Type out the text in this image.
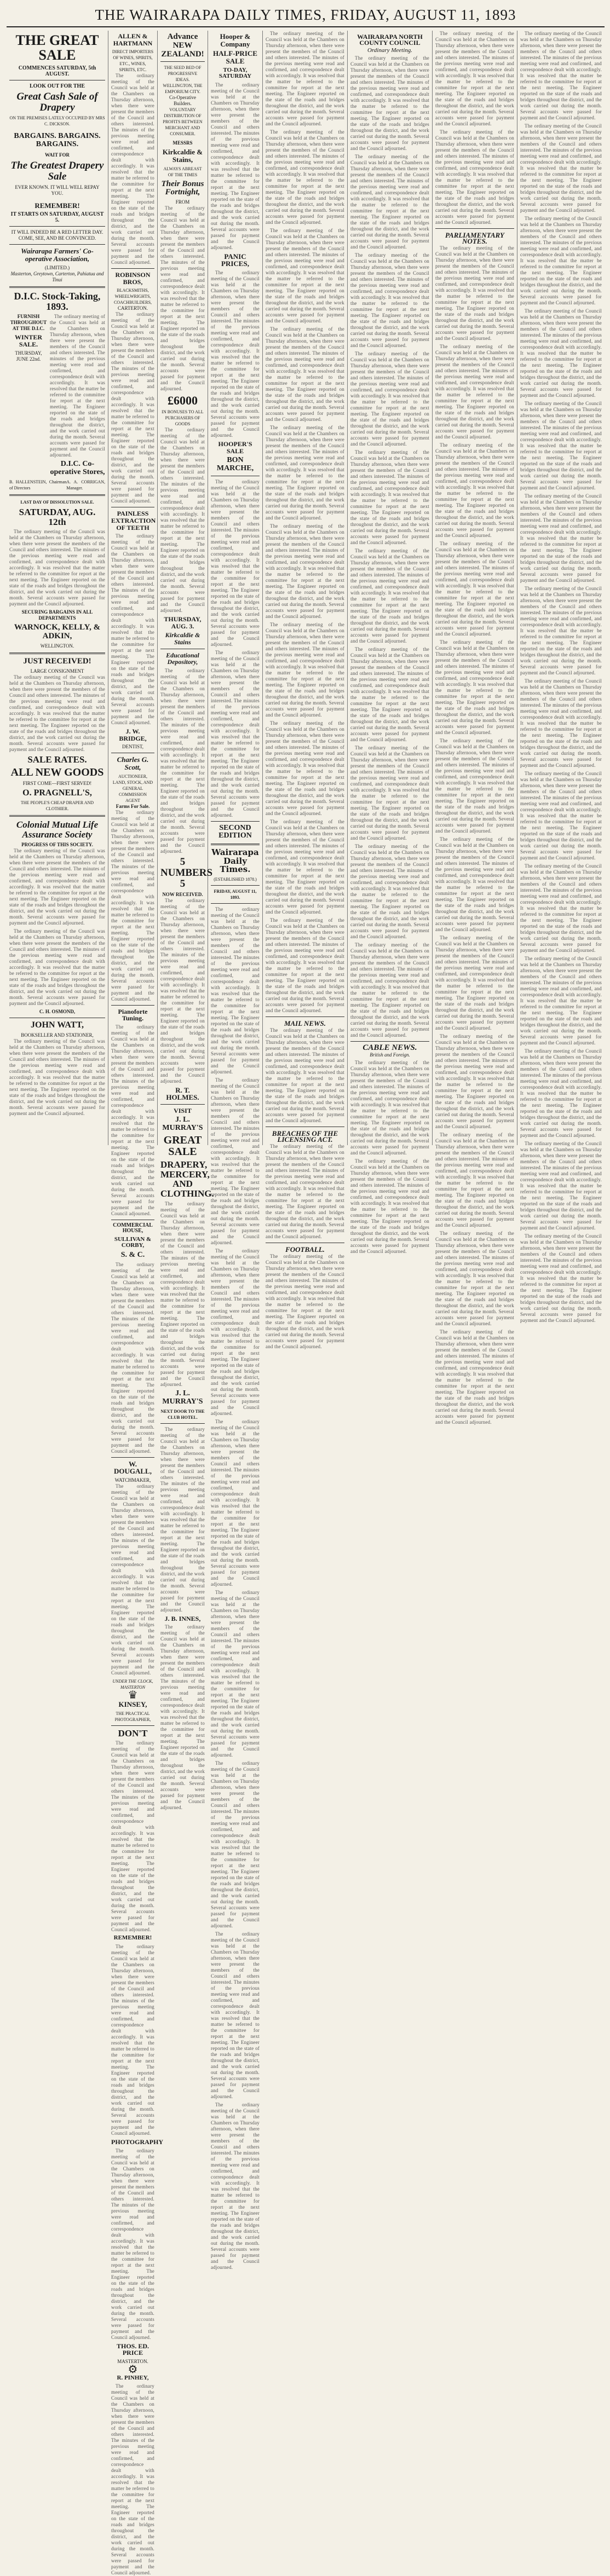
THE WAIRARAPA DAILY TIMES, FRIDAY, AUGUST 11, 1893
THE GREAT SALE
COMMENCES SATURDAY, 5th AUGUST.
LOOK OUT FOR THE
Great Cash Sale of Drapery
ON THE PREMISES LATELY OCCUPIED BY MRS C. DICKSON.
BARGAINS. BARGAINS. BARGAINS.
WAIT FOR
The Greatest Drapery Sale
EVER KNOWN. IT WILL WELL REPAY YOU.
REMEMBER!
IT STARTS ON SATURDAY, AUGUST 5.
IT WILL INDEED BE A RED LETTER DAY. COME, SEE, AND BE CONVINCED.
Wairarapa Farmers' Co-operative Association,
(LIMITED.)
Masterton, Greytown, Carterton, Pahiatua and Tinui
D.I.C. Stock-Taking, 1893.
FURNISH THROUGHOUT AT THE D.I.C.
WINTER SALE.
THURSDAY, JUNE 22nd.

The ordinary meeting of the Council was held at the Chambers on Thursday afternoon, when there were present the members of the Council and others interested. The minutes of the previous meeting were read and confirmed, and correspondence dealt with accordingly. It was resolved that the matter be referred to the committee for report at the next meeting. The Engineer reported on the state of the roads and bridges throughout the district, and the work carried out during the month. Several accounts were passed for payment and the Council adjourned.

D.I.C. Co-operative Stores,
B. HALLENSTEIN, Chairman of Directors
A. A. CORRIGAN, Manager.
LAST DAY OF DISSOLUTION SALE.
SATURDAY, AUG. 12th

The ordinary meeting of the Council was held at the Chambers on Thursday afternoon, when there were present the members of the Council and others interested. The minutes of the previous meeting were read and confirmed, and correspondence dealt with accordingly. It was resolved that the matter be referred to the committee for report at the next meeting. The Engineer reported on the state of the roads and bridges throughout the district, and the work carried out during the month. Several accounts were passed for payment and the Council adjourned.

SECURING BARGAINS IN ALL DEPARTMENTS
WARNOCK, KELLY, & ADKIN,
WELLINGTON.
JUST RECEIVED!
LARGE CONSIGNMENT

The ordinary meeting of the Council was held at the Chambers on Thursday afternoon, when there were present the members of the Council and others interested. The minutes of the previous meeting were read and confirmed, and correspondence dealt with accordingly. It was resolved that the matter be referred to the committee for report at the next meeting. The Engineer reported on the state of the roads and bridges throughout the district, and the work carried out during the month. Several accounts were passed for payment and the Council adjourned.

SALE RATES.
ALL NEW GOODS
FIRST COME—FIRST SERVED!
O. PRAGNELL'S,
THE PEOPLE'S CHEAP DRAPER AND CLOTHIER.
Colonial Mutual Life Assurance Society
PROGRESS OF THIS SOCIETY.

The ordinary meeting of the Council was held at the Chambers on Thursday afternoon, when there were present the members of the Council and others interested. The minutes of the previous meeting were read and confirmed, and correspondence dealt with accordingly. It was resolved that the matter be referred to the committee for report at the next meeting. The Engineer reported on the state of the roads and bridges throughout the district, and the work carried out during the month. Several accounts were passed for payment and the Council adjourned.

The ordinary meeting of the Council was held at the Chambers on Thursday afternoon, when there were present the members of the Council and others interested. The minutes of the previous meeting were read and confirmed, and correspondence dealt with accordingly. It was resolved that the matter be referred to the committee for report at the next meeting. The Engineer reported on the state of the roads and bridges throughout the district, and the work carried out during the month. Several accounts were passed for payment and the Council adjourned.

C. H. OSMOND,
JOHN WATT,
BOOKSELLER AND STATIONER,

The ordinary meeting of the Council was held at the Chambers on Thursday afternoon, when there were present the members of the Council and others interested. The minutes of the previous meeting were read and confirmed, and correspondence dealt with accordingly. It was resolved that the matter be referred to the committee for report at the next meeting. The Engineer reported on the state of the roads and bridges throughout the district, and the work carried out during the month. Several accounts were passed for payment and the Council adjourned.

ALLEN & HARTMANN
DIRECT IMPORTERS OF WINES, SPIRITS, ETC., WINES, SPIRITS, ETC.

The ordinary meeting of the Council was held at the Chambers on Thursday afternoon, when there were present the members of the Council and others interested. The minutes of the previous meeting were read and confirmed, and correspondence dealt with accordingly. It was resolved that the matter be referred to the committee for report at the next meeting. The Engineer reported on the state of the roads and bridges throughout the district, and the work carried out during the month. Several accounts were passed for payment and the Council adjourned.

ROBINSON BROS,
BLACKSMITHS, WHEELWRIGHTS, COACHBUILDERS,
CARTERTON.

The ordinary meeting of the Council was held at the Chambers on Thursday afternoon, when there were present the members of the Council and others interested. The minutes of the previous meeting were read and confirmed, and correspondence dealt with accordingly. It was resolved that the matter be referred to the committee for report at the next meeting. The Engineer reported on the state of the roads and bridges throughout the district, and the work carried out during the month. Several accounts were passed for payment and the Council adjourned.

PAINLESS EXTRACTION OF TEETH

The ordinary meeting of the Council was held at the Chambers on Thursday afternoon, when there were present the members of the Council and others interested. The minutes of the previous meeting were read and confirmed, and correspondence dealt with accordingly. It was resolved that the matter be referred to the committee for report at the next meeting. The Engineer reported on the state of the roads and bridges throughout the district, and the work carried out during the month. Several accounts were passed for payment and the Council adjourned.

J. W. BRIDGE,
DENTIST,
Charles G. Scott,
AUCTIONEER, LAND, STOCK, AND GENERAL COMMISSION AGENT
Farms For Sale.

The ordinary meeting of the Council was held at the Chambers on Thursday afternoon, when there were present the members of the Council and others interested. The minutes of the previous meeting were read and confirmed, and correspondence dealt with accordingly. It was resolved that the matter be referred to the committee for report at the next meeting. The Engineer reported on the state of the roads and bridges throughout the district, and the work carried out during the month. Several accounts were passed for payment and the Council adjourned.

Pianoforte Tuning.

The ordinary meeting of the Council was held at the Chambers on Thursday afternoon, when there were present the members of the Council and others interested. The minutes of the previous meeting were read and confirmed, and correspondence dealt with accordingly. It was resolved that the matter be referred to the committee for report at the next meeting. The Engineer reported on the state of the roads and bridges throughout the district, and the work carried out during the month. Several accounts were passed for payment and the Council adjourned.

COMMERCIAL HOUSE,
SULLIVAN & CORBY,
S. & C.

The ordinary meeting of the Council was held at the Chambers on Thursday afternoon, when there were present the members of the Council and others interested. The minutes of the previous meeting were read and confirmed, and correspondence dealt with accordingly. It was resolved that the matter be referred to the committee for report at the next meeting. The Engineer reported on the state of the roads and bridges throughout the district, and the work carried out during the month. Several accounts were passed for payment and the Council adjourned.

W. DOUGALL,
WATCHMAKER,

The ordinary meeting of the Council was held at the Chambers on Thursday afternoon, when there were present the members of the Council and others interested. The minutes of the previous meeting were read and confirmed, and correspondence dealt with accordingly. It was resolved that the matter be referred to the committee for report at the next meeting. The Engineer reported on the state of the roads and bridges throughout the district, and the work carried out during the month. Several accounts were passed for payment and the Council adjourned.

UNDER THE CLOCK, MASTERTON
♛
KINSEY,
THE PRACTICAL PHOTOGRAPHER,
DON'T

The ordinary meeting of the Council was held at the Chambers on Thursday afternoon, when there were present the members of the Council and others interested. The minutes of the previous meeting were read and confirmed, and correspondence dealt with accordingly. It was resolved that the matter be referred to the committee for report at the next meeting. The Engineer reported on the state of the roads and bridges throughout the district, and the work carried out during the month. Several accounts were passed for payment and the Council adjourned.

REMEMBER!

The ordinary meeting of the Council was held at the Chambers on Thursday afternoon, when there were present the members of the Council and others interested. The minutes of the previous meeting were read and confirmed, and correspondence dealt with accordingly. It was resolved that the matter be referred to the committee for report at the next meeting. The Engineer reported on the state of the roads and bridges throughout the district, and the work carried out during the month. Several accounts were passed for payment and the Council adjourned.

PHOTOGRAPHY

The ordinary meeting of the Council was held at the Chambers on Thursday afternoon, when there were present the members of the Council and others interested. The minutes of the previous meeting were read and confirmed, and correspondence dealt with accordingly. It was resolved that the matter be referred to the committee for report at the next meeting. The Engineer reported on the state of the roads and bridges throughout the district, and the work carried out during the month. Several accounts were passed for payment and the Council adjourned.

THOS. ED. PRICE
MASTERTON.
⚙
R. PINHEY,

The ordinary meeting of the Council was held at the Chambers on Thursday afternoon, when there were present the members of the Council and others interested. The minutes of the previous meeting were read and confirmed, and correspondence dealt with accordingly. It was resolved that the matter be referred to the committee for report at the next meeting. The Engineer reported on the state of the roads and bridges throughout the district, and the work carried out during the month. Several accounts were passed for payment and the Council adjourned.

Advance NEW ZEALAND!
THE SEED BED OF PROGRESSIVE IDEAS.
WELLINGTON, THE EMPORIUM CITY.
Co-Operative Builders.
VOLUNTARY DISTRIBUTION OF PROFITS BETWEEN
MERCHANT AND CONSUMER.
MESSRS
Kirkcaldie & Stains,
ALWAYS ABREAST OF THE TIMES
Their Bonus Fortnight,
FROM

The ordinary meeting of the Council was held at the Chambers on Thursday afternoon, when there were present the members of the Council and others interested. The minutes of the previous meeting were read and confirmed, and correspondence dealt with accordingly. It was resolved that the matter be referred to the committee for report at the next meeting. The Engineer reported on the state of the roads and bridges throughout the district, and the work carried out during the month. Several accounts were passed for payment and the Council adjourned.

£6000
IN BONUSES TO ALL PURCHASERS OF GOODS

The ordinary meeting of the Council was held at the Chambers on Thursday afternoon, when there were present the members of the Council and others interested. The minutes of the previous meeting were read and confirmed, and correspondence dealt with accordingly. It was resolved that the matter be referred to the committee for report at the next meeting. The Engineer reported on the state of the roads and bridges throughout the district, and the work carried out during the month. Several accounts were passed for payment and the Council adjourned.

THURSDAY, AUG. 3.
Kirkcaldie & Stains
Educational Depository,

The ordinary meeting of the Council was held at the Chambers on Thursday afternoon, when there were present the members of the Council and others interested. The minutes of the previous meeting were read and confirmed, and correspondence dealt with accordingly. It was resolved that the matter be referred to the committee for report at the next meeting. The Engineer reported on the state of the roads and bridges throughout the district, and the work carried out during the month. Several accounts were passed for payment and the Council adjourned.

5 NUMBERS 5
NOW RECEIVED.

The ordinary meeting of the Council was held at the Chambers on Thursday afternoon, when there were present the members of the Council and others interested. The minutes of the previous meeting were read and confirmed, and correspondence dealt with accordingly. It was resolved that the matter be referred to the committee for report at the next meeting. The Engineer reported on the state of the roads and bridges throughout the district, and the work carried out during the month. Several accounts were passed for payment and the Council adjourned.

R. T. HOLMES.
VISIT
J. L. MURRAY'S
GREAT SALE
DRAPERY, MERCERY, AND CLOTHING.

The ordinary meeting of the Council was held at the Chambers on Thursday afternoon, when there were present the members of the Council and others interested. The minutes of the previous meeting were read and confirmed, and correspondence dealt with accordingly. It was resolved that the matter be referred to the committee for report at the next meeting. The Engineer reported on the state of the roads and bridges throughout the district, and the work carried out during the month. Several accounts were passed for payment and the Council adjourned.

J. L. MURRAY'S
NEXT DOOR TO THE CLUB HOTEL.

The ordinary meeting of the Council was held at the Chambers on Thursday afternoon, when there were present the members of the Council and others interested. The minutes of the previous meeting were read and confirmed, and correspondence dealt with accordingly. It was resolved that the matter be referred to the committee for report at the next meeting. The Engineer reported on the state of the roads and bridges throughout the district, and the work carried out during the month. Several accounts were passed for payment and the Council adjourned.

J. B. INNES,

The ordinary meeting of the Council was held at the Chambers on Thursday afternoon, when there were present the members of the Council and others interested. The minutes of the previous meeting were read and confirmed, and correspondence dealt with accordingly. It was resolved that the matter be referred to the committee for report at the next meeting. The Engineer reported on the state of the roads and bridges throughout the district, and the work carried out during the month. Several accounts were passed for payment and the Council adjourned.

Hooper & Company
HALF-PRICE SALE
TO-DAY, SATURDAY

The ordinary meeting of the Council was held at the Chambers on Thursday afternoon, when there were present the members of the Council and others interested. The minutes of the previous meeting were read and confirmed, and correspondence dealt with accordingly. It was resolved that the matter be referred to the committee for report at the next meeting. The Engineer reported on the state of the roads and bridges throughout the district, and the work carried out during the month. Several accounts were passed for payment and the Council adjourned.

PANIC PRICES,

The ordinary meeting of the Council was held at the Chambers on Thursday afternoon, when there were present the members of the Council and others interested. The minutes of the previous meeting were read and confirmed, and correspondence dealt with accordingly. It was resolved that the matter be referred to the committee for report at the next meeting. The Engineer reported on the state of the roads and bridges throughout the district, and the work carried out during the month. Several accounts were passed for payment and the Council adjourned.

HOOPER'S SALE
BON MARCHE,

The ordinary meeting of the Council was held at the Chambers on Thursday afternoon, when there were present the members of the Council and others interested. The minutes of the previous meeting were read and confirmed, and correspondence dealt with accordingly. It was resolved that the matter be referred to the committee for report at the next meeting. The Engineer reported on the state of the roads and bridges throughout the district, and the work carried out during the month. Several accounts were passed for payment and the Council adjourned.

The ordinary meeting of the Council was held at the Chambers on Thursday afternoon, when there were present the members of the Council and others interested. The minutes of the previous meeting were read and confirmed, and correspondence dealt with accordingly. It was resolved that the matter be referred to the committee for report at the next meeting. The Engineer reported on the state of the roads and bridges throughout the district, and the work carried out during the month. Several accounts were passed for payment and the Council adjourned.

SECOND EDITION
Wairarapa Daily Times.
(ESTABLISHED 1878.)
FRIDAY, AUGUST 11, 1893.

The ordinary meeting of the Council was held at the Chambers on Thursday afternoon, when there were present the members of the Council and others interested. The minutes of the previous meeting were read and confirmed, and correspondence dealt with accordingly. It was resolved that the matter be referred to the committee for report at the next meeting. The Engineer reported on the state of the roads and bridges throughout the district, and the work carried out during the month. Several accounts were passed for payment and the Council adjourned.

The ordinary meeting of the Council was held at the Chambers on Thursday afternoon, when there were present the members of the Council and others interested. The minutes of the previous meeting were read and confirmed, and correspondence dealt with accordingly. It was resolved that the matter be referred to the committee for report at the next meeting. The Engineer reported on the state of the roads and bridges throughout the district, and the work carried out during the month. Several accounts were passed for payment and the Council adjourned.

The ordinary meeting of the Council was held at the Chambers on Thursday afternoon, when there were present the members of the Council and others interested. The minutes of the previous meeting were read and confirmed, and correspondence dealt with accordingly. It was resolved that the matter be referred to the committee for report at the next meeting. The Engineer reported on the state of the roads and bridges throughout the district, and the work carried out during the month. Several accounts were passed for payment and the Council adjourned.

The ordinary meeting of the Council was held at the Chambers on Thursday afternoon, when there were present the members of the Council and others interested. The minutes of the previous meeting were read and confirmed, and correspondence dealt with accordingly. It was resolved that the matter be referred to the committee for report at the next meeting. The Engineer reported on the state of the roads and bridges throughout the district, and the work carried out during the month. Several accounts were passed for payment and the Council adjourned.

The ordinary meeting of the Council was held at the Chambers on Thursday afternoon, when there were present the members of the Council and others interested. The minutes of the previous meeting were read and confirmed, and correspondence dealt with accordingly. It was resolved that the matter be referred to the committee for report at the next meeting. The Engineer reported on the state of the roads and bridges throughout the district, and the work carried out during the month. Several accounts were passed for payment and the Council adjourned.

The ordinary meeting of the Council was held at the Chambers on Thursday afternoon, when there were present the members of the Council and others interested. The minutes of the previous meeting were read and confirmed, and correspondence dealt with accordingly. It was resolved that the matter be referred to the committee for report at the next meeting. The Engineer reported on the state of the roads and bridges throughout the district, and the work carried out during the month. Several accounts were passed for payment and the Council adjourned.

The ordinary meeting of the Council was held at the Chambers on Thursday afternoon, when there were present the members of the Council and others interested. The minutes of the previous meeting were read and confirmed, and correspondence dealt with accordingly. It was resolved that the matter be referred to the committee for report at the next meeting. The Engineer reported on the state of the roads and bridges throughout the district, and the work carried out during the month. Several accounts were passed for payment and the Council adjourned.

The ordinary meeting of the Council was held at the Chambers on Thursday afternoon, when there were present the members of the Council and others interested. The minutes of the previous meeting were read and confirmed, and correspondence dealt with accordingly. It was resolved that the matter be referred to the committee for report at the next meeting. The Engineer reported on the state of the roads and bridges throughout the district, and the work carried out during the month. Several accounts were passed for payment and the Council adjourned.

The ordinary meeting of the Council was held at the Chambers on Thursday afternoon, when there were present the members of the Council and others interested. The minutes of the previous meeting were read and confirmed, and correspondence dealt with accordingly. It was resolved that the matter be referred to the committee for report at the next meeting. The Engineer reported on the state of the roads and bridges throughout the district, and the work carried out during the month. Several accounts were passed for payment and the Council adjourned.

The ordinary meeting of the Council was held at the Chambers on Thursday afternoon, when there were present the members of the Council and others interested. The minutes of the previous meeting were read and confirmed, and correspondence dealt with accordingly. It was resolved that the matter be referred to the committee for report at the next meeting. The Engineer reported on the state of the roads and bridges throughout the district, and the work carried out during the month. Several accounts were passed for payment and the Council adjourned.

The ordinary meeting of the Council was held at the Chambers on Thursday afternoon, when there were present the members of the Council and others interested. The minutes of the previous meeting were read and confirmed, and correspondence dealt with accordingly. It was resolved that the matter be referred to the committee for report at the next meeting. The Engineer reported on the state of the roads and bridges throughout the district, and the work carried out during the month. Several accounts were passed for payment and the Council adjourned.

The ordinary meeting of the Council was held at the Chambers on Thursday afternoon, when there were present the members of the Council and others interested. The minutes of the previous meeting were read and confirmed, and correspondence dealt with accordingly. It was resolved that the matter be referred to the committee for report at the next meeting. The Engineer reported on the state of the roads and bridges throughout the district, and the work carried out during the month. Several accounts were passed for payment and the Council adjourned.

The ordinary meeting of the Council was held at the Chambers on Thursday afternoon, when there were present the members of the Council and others interested. The minutes of the previous meeting were read and confirmed, and correspondence dealt with accordingly. It was resolved that the matter be referred to the committee for report at the next meeting. The Engineer reported on the state of the roads and bridges throughout the district, and the work carried out during the month. Several accounts were passed for payment and the Council adjourned.

The ordinary meeting of the Council was held at the Chambers on Thursday afternoon, when there were present the members of the Council and others interested. The minutes of the previous meeting were read and confirmed, and correspondence dealt with accordingly. It was resolved that the matter be referred to the committee for report at the next meeting. The Engineer reported on the state of the roads and bridges throughout the district, and the work carried out during the month. Several accounts were passed for payment and the Council adjourned.

The ordinary meeting of the Council was held at the Chambers on Thursday afternoon, when there were present the members of the Council and others interested. The minutes of the previous meeting were read and confirmed, and correspondence dealt with accordingly. It was resolved that the matter be referred to the committee for report at the next meeting. The Engineer reported on the state of the roads and bridges throughout the district, and the work carried out during the month. Several accounts were passed for payment and the Council adjourned.

The ordinary meeting of the Council was held at the Chambers on Thursday afternoon, when there were present the members of the Council and others interested. The minutes of the previous meeting were read and confirmed, and correspondence dealt with accordingly. It was resolved that the matter be referred to the committee for report at the next meeting. The Engineer reported on the state of the roads and bridges throughout the district, and the work carried out during the month. Several accounts were passed for payment and the Council adjourned.

The ordinary meeting of the Council was held at the Chambers on Thursday afternoon, when there were present the members of the Council and others interested. The minutes of the previous meeting were read and confirmed, and correspondence dealt with accordingly. It was resolved that the matter be referred to the committee for report at the next meeting. The Engineer reported on the state of the roads and bridges throughout the district, and the work carried out during the month. Several accounts were passed for payment and the Council adjourned.

The ordinary meeting of the Council was held at the Chambers on Thursday afternoon, when there were present the members of the Council and others interested. The minutes of the previous meeting were read and confirmed, and correspondence dealt with accordingly. It was resolved that the matter be referred to the committee for report at the next meeting. The Engineer reported on the state of the roads and bridges throughout the district, and the work carried out during the month. Several accounts were passed for payment and the Council adjourned.

MAIL NEWS.

The ordinary meeting of the Council was held at the Chambers on Thursday afternoon, when there were present the members of the Council and others interested. The minutes of the previous meeting were read and confirmed, and correspondence dealt with accordingly. It was resolved that the matter be referred to the committee for report at the next meeting. The Engineer reported on the state of the roads and bridges throughout the district, and the work carried out during the month. Several accounts were passed for payment and the Council adjourned.

BREACHES OF THE LICENSING ACT.

The ordinary meeting of the Council was held at the Chambers on Thursday afternoon, when there were present the members of the Council and others interested. The minutes of the previous meeting were read and confirmed, and correspondence dealt with accordingly. It was resolved that the matter be referred to the committee for report at the next meeting. The Engineer reported on the state of the roads and bridges throughout the district, and the work carried out during the month. Several accounts were passed for payment and the Council adjourned.

FOOTBALL.

The ordinary meeting of the Council was held at the Chambers on Thursday afternoon, when there were present the members of the Council and others interested. The minutes of the previous meeting were read and confirmed, and correspondence dealt with accordingly. It was resolved that the matter be referred to the committee for report at the next meeting. The Engineer reported on the state of the roads and bridges throughout the district, and the work carried out during the month. Several accounts were passed for payment and the Council adjourned.

WAIRARAPA NORTH COUNTY COUNCIL
Ordinary Meeting.

The ordinary meeting of the Council was held at the Chambers on Thursday afternoon, when there were present the members of the Council and others interested. The minutes of the previous meeting were read and confirmed, and correspondence dealt with accordingly. It was resolved that the matter be referred to the committee for report at the next meeting. The Engineer reported on the state of the roads and bridges throughout the district, and the work carried out during the month. Several accounts were passed for payment and the Council adjourned.

The ordinary meeting of the Council was held at the Chambers on Thursday afternoon, when there were present the members of the Council and others interested. The minutes of the previous meeting were read and confirmed, and correspondence dealt with accordingly. It was resolved that the matter be referred to the committee for report at the next meeting. The Engineer reported on the state of the roads and bridges throughout the district, and the work carried out during the month. Several accounts were passed for payment and the Council adjourned.

The ordinary meeting of the Council was held at the Chambers on Thursday afternoon, when there were present the members of the Council and others interested. The minutes of the previous meeting were read and confirmed, and correspondence dealt with accordingly. It was resolved that the matter be referred to the committee for report at the next meeting. The Engineer reported on the state of the roads and bridges throughout the district, and the work carried out during the month. Several accounts were passed for payment and the Council adjourned.

The ordinary meeting of the Council was held at the Chambers on Thursday afternoon, when there were present the members of the Council and others interested. The minutes of the previous meeting were read and confirmed, and correspondence dealt with accordingly. It was resolved that the matter be referred to the committee for report at the next meeting. The Engineer reported on the state of the roads and bridges throughout the district, and the work carried out during the month. Several accounts were passed for payment and the Council adjourned.

The ordinary meeting of the Council was held at the Chambers on Thursday afternoon, when there were present the members of the Council and others interested. The minutes of the previous meeting were read and confirmed, and correspondence dealt with accordingly. It was resolved that the matter be referred to the committee for report at the next meeting. The Engineer reported on the state of the roads and bridges throughout the district, and the work carried out during the month. Several accounts were passed for payment and the Council adjourned.

The ordinary meeting of the Council was held at the Chambers on Thursday afternoon, when there were present the members of the Council and others interested. The minutes of the previous meeting were read and confirmed, and correspondence dealt with accordingly. It was resolved that the matter be referred to the committee for report at the next meeting. The Engineer reported on the state of the roads and bridges throughout the district, and the work carried out during the month. Several accounts were passed for payment and the Council adjourned.

The ordinary meeting of the Council was held at the Chambers on Thursday afternoon, when there were present the members of the Council and others interested. The minutes of the previous meeting were read and confirmed, and correspondence dealt with accordingly. It was resolved that the matter be referred to the committee for report at the next meeting. The Engineer reported on the state of the roads and bridges throughout the district, and the work carried out during the month. Several accounts were passed for payment and the Council adjourned.

The ordinary meeting of the Council was held at the Chambers on Thursday afternoon, when there were present the members of the Council and others interested. The minutes of the previous meeting were read and confirmed, and correspondence dealt with accordingly. It was resolved that the matter be referred to the committee for report at the next meeting. The Engineer reported on the state of the roads and bridges throughout the district, and the work carried out during the month. Several accounts were passed for payment and the Council adjourned.

The ordinary meeting of the Council was held at the Chambers on Thursday afternoon, when there were present the members of the Council and others interested. The minutes of the previous meeting were read and confirmed, and correspondence dealt with accordingly. It was resolved that the matter be referred to the committee for report at the next meeting. The Engineer reported on the state of the roads and bridges throughout the district, and the work carried out during the month. Several accounts were passed for payment and the Council adjourned.

The ordinary meeting of the Council was held at the Chambers on Thursday afternoon, when there were present the members of the Council and others interested. The minutes of the previous meeting were read and confirmed, and correspondence dealt with accordingly. It was resolved that the matter be referred to the committee for report at the next meeting. The Engineer reported on the state of the roads and bridges throughout the district, and the work carried out during the month. Several accounts were passed for payment and the Council adjourned.

CABLE NEWS.
British and Foreign.

The ordinary meeting of the Council was held at the Chambers on Thursday afternoon, when there were present the members of the Council and others interested. The minutes of the previous meeting were read and confirmed, and correspondence dealt with accordingly. It was resolved that the matter be referred to the committee for report at the next meeting. The Engineer reported on the state of the roads and bridges throughout the district, and the work carried out during the month. Several accounts were passed for payment and the Council adjourned.

The ordinary meeting of the Council was held at the Chambers on Thursday afternoon, when there were present the members of the Council and others interested. The minutes of the previous meeting were read and confirmed, and correspondence dealt with accordingly. It was resolved that the matter be referred to the committee for report at the next meeting. The Engineer reported on the state of the roads and bridges throughout the district, and the work carried out during the month. Several accounts were passed for payment and the Council adjourned.

The ordinary meeting of the Council was held at the Chambers on Thursday afternoon, when there were present the members of the Council and others interested. The minutes of the previous meeting were read and confirmed, and correspondence dealt with accordingly. It was resolved that the matter be referred to the committee for report at the next meeting. The Engineer reported on the state of the roads and bridges throughout the district, and the work carried out during the month. Several accounts were passed for payment and the Council adjourned.

The ordinary meeting of the Council was held at the Chambers on Thursday afternoon, when there were present the members of the Council and others interested. The minutes of the previous meeting were read and confirmed, and correspondence dealt with accordingly. It was resolved that the matter be referred to the committee for report at the next meeting. The Engineer reported on the state of the roads and bridges throughout the district, and the work carried out during the month. Several accounts were passed for payment and the Council adjourned.

PARLIAMENTARY NOTES.

The ordinary meeting of the Council was held at the Chambers on Thursday afternoon, when there were present the members of the Council and others interested. The minutes of the previous meeting were read and confirmed, and correspondence dealt with accordingly. It was resolved that the matter be referred to the committee for report at the next meeting. The Engineer reported on the state of the roads and bridges throughout the district, and the work carried out during the month. Several accounts were passed for payment and the Council adjourned.

The ordinary meeting of the Council was held at the Chambers on Thursday afternoon, when there were present the members of the Council and others interested. The minutes of the previous meeting were read and confirmed, and correspondence dealt with accordingly. It was resolved that the matter be referred to the committee for report at the next meeting. The Engineer reported on the state of the roads and bridges throughout the district, and the work carried out during the month. Several accounts were passed for payment and the Council adjourned.

The ordinary meeting of the Council was held at the Chambers on Thursday afternoon, when there were present the members of the Council and others interested. The minutes of the previous meeting were read and confirmed, and correspondence dealt with accordingly. It was resolved that the matter be referred to the committee for report at the next meeting. The Engineer reported on the state of the roads and bridges throughout the district, and the work carried out during the month. Several accounts were passed for payment and the Council adjourned.

The ordinary meeting of the Council was held at the Chambers on Thursday afternoon, when there were present the members of the Council and others interested. The minutes of the previous meeting were read and confirmed, and correspondence dealt with accordingly. It was resolved that the matter be referred to the committee for report at the next meeting. The Engineer reported on the state of the roads and bridges throughout the district, and the work carried out during the month. Several accounts were passed for payment and the Council adjourned.

The ordinary meeting of the Council was held at the Chambers on Thursday afternoon, when there were present the members of the Council and others interested. The minutes of the previous meeting were read and confirmed, and correspondence dealt with accordingly. It was resolved that the matter be referred to the committee for report at the next meeting. The Engineer reported on the state of the roads and bridges throughout the district, and the work carried out during the month. Several accounts were passed for payment and the Council adjourned.

The ordinary meeting of the Council was held at the Chambers on Thursday afternoon, when there were present the members of the Council and others interested. The minutes of the previous meeting were read and confirmed, and correspondence dealt with accordingly. It was resolved that the matter be referred to the committee for report at the next meeting. The Engineer reported on the state of the roads and bridges throughout the district, and the work carried out during the month. Several accounts were passed for payment and the Council adjourned.

The ordinary meeting of the Council was held at the Chambers on Thursday afternoon, when there were present the members of the Council and others interested. The minutes of the previous meeting were read and confirmed, and correspondence dealt with accordingly. It was resolved that the matter be referred to the committee for report at the next meeting. The Engineer reported on the state of the roads and bridges throughout the district, and the work carried out during the month. Several accounts were passed for payment and the Council adjourned.

The ordinary meeting of the Council was held at the Chambers on Thursday afternoon, when there were present the members of the Council and others interested. The minutes of the previous meeting were read and confirmed, and correspondence dealt with accordingly. It was resolved that the matter be referred to the committee for report at the next meeting. The Engineer reported on the state of the roads and bridges throughout the district, and the work carried out during the month. Several accounts were passed for payment and the Council adjourned.

The ordinary meeting of the Council was held at the Chambers on Thursday afternoon, when there were present the members of the Council and others interested. The minutes of the previous meeting were read and confirmed, and correspondence dealt with accordingly. It was resolved that the matter be referred to the committee for report at the next meeting. The Engineer reported on the state of the roads and bridges throughout the district, and the work carried out during the month. Several accounts were passed for payment and the Council adjourned.

The ordinary meeting of the Council was held at the Chambers on Thursday afternoon, when there were present the members of the Council and others interested. The minutes of the previous meeting were read and confirmed, and correspondence dealt with accordingly. It was resolved that the matter be referred to the committee for report at the next meeting. The Engineer reported on the state of the roads and bridges throughout the district, and the work carried out during the month. Several accounts were passed for payment and the Council adjourned.

The ordinary meeting of the Council was held at the Chambers on Thursday afternoon, when there were present the members of the Council and others interested. The minutes of the previous meeting were read and confirmed, and correspondence dealt with accordingly. It was resolved that the matter be referred to the committee for report at the next meeting. The Engineer reported on the state of the roads and bridges throughout the district, and the work carried out during the month. Several accounts were passed for payment and the Council adjourned.

The ordinary meeting of the Council was held at the Chambers on Thursday afternoon, when there were present the members of the Council and others interested. The minutes of the previous meeting were read and confirmed, and correspondence dealt with accordingly. It was resolved that the matter be referred to the committee for report at the next meeting. The Engineer reported on the state of the roads and bridges throughout the district, and the work carried out during the month. Several accounts were passed for payment and the Council adjourned.

The ordinary meeting of the Council was held at the Chambers on Thursday afternoon, when there were present the members of the Council and others interested. The minutes of the previous meeting were read and confirmed, and correspondence dealt with accordingly. It was resolved that the matter be referred to the committee for report at the next meeting. The Engineer reported on the state of the roads and bridges throughout the district, and the work carried out during the month. Several accounts were passed for payment and the Council adjourned.

The ordinary meeting of the Council was held at the Chambers on Thursday afternoon, when there were present the members of the Council and others interested. The minutes of the previous meeting were read and confirmed, and correspondence dealt with accordingly. It was resolved that the matter be referred to the committee for report at the next meeting. The Engineer reported on the state of the roads and bridges throughout the district, and the work carried out during the month. Several accounts were passed for payment and the Council adjourned.

The ordinary meeting of the Council was held at the Chambers on Thursday afternoon, when there were present the members of the Council and others interested. The minutes of the previous meeting were read and confirmed, and correspondence dealt with accordingly. It was resolved that the matter be referred to the committee for report at the next meeting. The Engineer reported on the state of the roads and bridges throughout the district, and the work carried out during the month. Several accounts were passed for payment and the Council adjourned.

The ordinary meeting of the Council was held at the Chambers on Thursday afternoon, when there were present the members of the Council and others interested. The minutes of the previous meeting were read and confirmed, and correspondence dealt with accordingly. It was resolved that the matter be referred to the committee for report at the next meeting. The Engineer reported on the state of the roads and bridges throughout the district, and the work carried out during the month. Several accounts were passed for payment and the Council adjourned.

The ordinary meeting of the Council was held at the Chambers on Thursday afternoon, when there were present the members of the Council and others interested. The minutes of the previous meeting were read and confirmed, and correspondence dealt with accordingly. It was resolved that the matter be referred to the committee for report at the next meeting. The Engineer reported on the state of the roads and bridges throughout the district, and the work carried out during the month. Several accounts were passed for payment and the Council adjourned.

The ordinary meeting of the Council was held at the Chambers on Thursday afternoon, when there were present the members of the Council and others interested. The minutes of the previous meeting were read and confirmed, and correspondence dealt with accordingly. It was resolved that the matter be referred to the committee for report at the next meeting. The Engineer reported on the state of the roads and bridges throughout the district, and the work carried out during the month. Several accounts were passed for payment and the Council adjourned.

The ordinary meeting of the Council was held at the Chambers on Thursday afternoon, when there were present the members of the Council and others interested. The minutes of the previous meeting were read and confirmed, and correspondence dealt with accordingly. It was resolved that the matter be referred to the committee for report at the next meeting. The Engineer reported on the state of the roads and bridges throughout the district, and the work carried out during the month. Several accounts were passed for payment and the Council adjourned.

The ordinary meeting of the Council was held at the Chambers on Thursday afternoon, when there were present the members of the Council and others interested. The minutes of the previous meeting were read and confirmed, and correspondence dealt with accordingly. It was resolved that the matter be referred to the committee for report at the next meeting. The Engineer reported on the state of the roads and bridges throughout the district, and the work carried out during the month. Several accounts were passed for payment and the Council adjourned.

The ordinary meeting of the Council was held at the Chambers on Thursday afternoon, when there were present the members of the Council and others interested. The minutes of the previous meeting were read and confirmed, and correspondence dealt with accordingly. It was resolved that the matter be referred to the committee for report at the next meeting. The Engineer reported on the state of the roads and bridges throughout the district, and the work carried out during the month. Several accounts were passed for payment and the Council adjourned.

The ordinary meeting of the Council was held at the Chambers on Thursday afternoon, when there were present the members of the Council and others interested. The minutes of the previous meeting were read and confirmed, and correspondence dealt with accordingly. It was resolved that the matter be referred to the committee for report at the next meeting. The Engineer reported on the state of the roads and bridges throughout the district, and the work carried out during the month. Several accounts were passed for payment and the Council adjourned.

The ordinary meeting of the Council was held at the Chambers on Thursday afternoon, when there were present the members of the Council and others interested. The minutes of the previous meeting were read and confirmed, and correspondence dealt with accordingly. It was resolved that the matter be referred to the committee for report at the next meeting. The Engineer reported on the state of the roads and bridges throughout the district, and the work carried out during the month. Several accounts were passed for payment and the Council adjourned.

The ordinary meeting of the Council was held at the Chambers on Thursday afternoon, when there were present the members of the Council and others interested. The minutes of the previous meeting were read and confirmed, and correspondence dealt with accordingly. It was resolved that the matter be referred to the committee for report at the next meeting. The Engineer reported on the state of the roads and bridges throughout the district, and the work carried out during the month. Several accounts were passed for payment and the Council adjourned.

The ordinary meeting of the Council was held at the Chambers on Thursday afternoon, when there were present the members of the Council and others interested. The minutes of the previous meeting were read and confirmed, and correspondence dealt with accordingly. It was resolved that the matter be referred to the committee for report at the next meeting. The Engineer reported on the state of the roads and bridges throughout the district, and the work carried out during the month. Several accounts were passed for payment and the Council adjourned.

The ordinary meeting of the Council was held at the Chambers on Thursday afternoon, when there were present the members of the Council and others interested. The minutes of the previous meeting were read and confirmed, and correspondence dealt with accordingly. It was resolved that the matter be referred to the committee for report at the next meeting. The Engineer reported on the state of the roads and bridges throughout the district, and the work carried out during the month. Several accounts were passed for payment and the Council adjourned.
